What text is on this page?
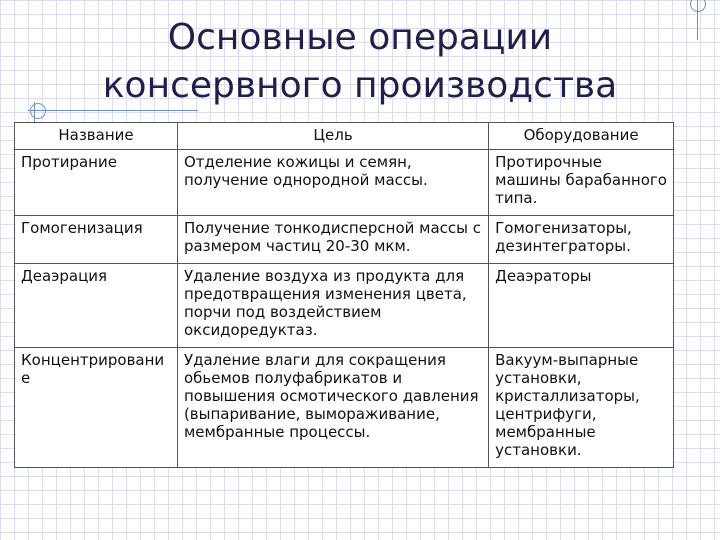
Основные операции
консервного производства
Название	Цель	Оборудование
Протирание	Отделение кожицы и семян, получение однородной массы.	Протирочные машины барабанного типа.
Гомогенизация	Получение тонкодисперсной массы с размером частиц 20-30 мкм.	Гомогенизаторы, дезинтеграторы.
Деаэрация	Удаление воздуха из продукта для предотвращения изменения цвета, порчи под воздействием оксидоредуктаз.	Деаэраторы
Концентрировани е	Удаление влаги для сокращения обьемов полуфабрикатов и повышения осмотического давления (выпаривание, вымораживание, мембранные процессы.	Вакуум-выпарные установки, кристаллизаторы, центрифуги, мембранные установки.
